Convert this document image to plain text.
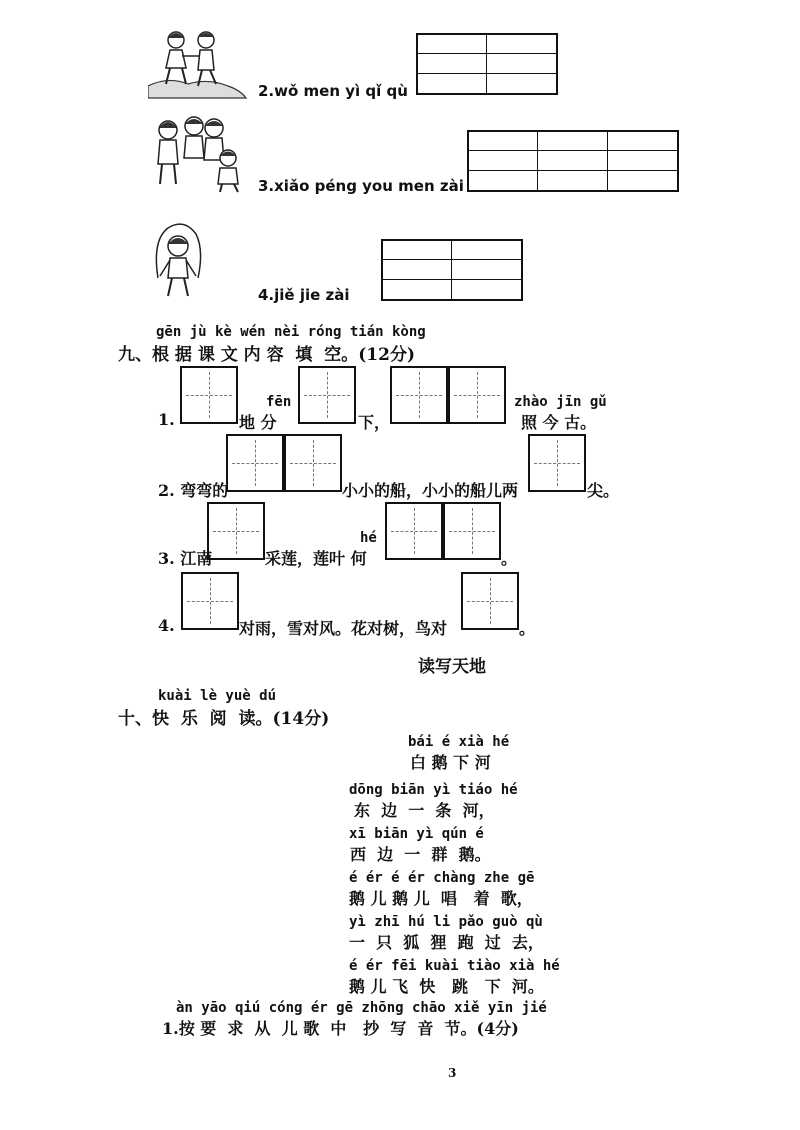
2.wǒ men yì qǐ qù
3.xiǎo péng you men zài
4.jiě jie zài
gēn jù kè wén nèi róng tián kòng
九、根 据 课 文 内 容  填  空。(12分)
1.	地 分
fēn
下，
zhào jīn gǔ
照 今 古。
2. 弯弯的	小小的船，小小的船儿两	尖。
3. 江南	采莲，莲叶 何
hé
。
4.	对雨，雪对风。花对树，鸟对	。
读写天地
kuài lè yuè dú
十、快  乐  阅  读。(14分)
bái é xià hé
白 鹅 下 河
dōng biān yì tiáo hé
东  边  一  条  河，
xī biān yì qún é
西  边  一  群  鹅。
é ér é ér chàng zhe gē
鹅 儿 鹅 儿  唱   着  歌，
yì zhī hú li pǎo guò qù
一  只  狐  狸  跑  过  去，
é ér fēi kuài tiào xià hé
鹅 儿 飞  快   跳   下  河。
àn yāo qiú cóng ér gē zhōng chāo xiě yīn jié
1.按 要  求  从  儿 歌  中   抄  写  音  节。(4分)
3
